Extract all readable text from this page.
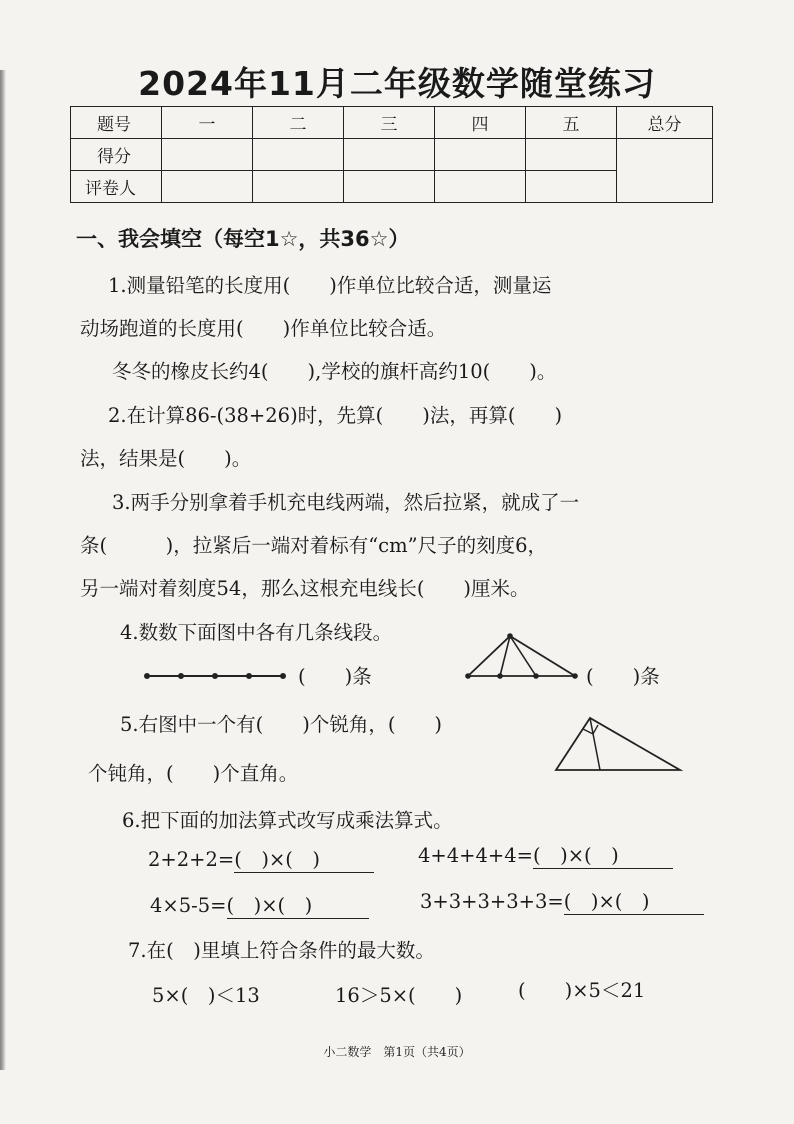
2024年11月二年级数学随堂练习
题号	一	二	三	四	五	总分
得分						
评卷人						
一、我会填空（每空1☆，共36☆）
1.测量铅笔的长度用(　　)作单位比较合适，测量运
动场跑道的长度用(　　)作单位比较合适。
冬冬的橡皮长约4(　　),学校的旗杆高约10(　　)。
2.在计算86-(38+26)时，先算(　　)法，再算(　　)
法，结果是(　　)。
3.两手分别拿着手机充电线两端，然后拉紧，就成了一
条(　　　)，拉紧后一端对着标有“cm”尺子的刻度6，
另一端对着刻度54，那么这根充电线长(　　)厘米。
4.数数下面图中各有几条线段。
(　　)条	(　　)条
5.右图中一个有(　　)个锐角，(　　)
个钝角，(　　)个直角。
6.把下面的加法算式改写成乘法算式。
2+2+2=(　)×(　)	4+4+4+4=(　)×(　)
4×5-5=(　)×(　)	3+3+3+3+3=(　)×(　)
7.在(　)里填上符合条件的最大数。
5×(　)＜13	16＞5×(　　)	(　　)×5＜21
小二数学　第1页（共4页）
